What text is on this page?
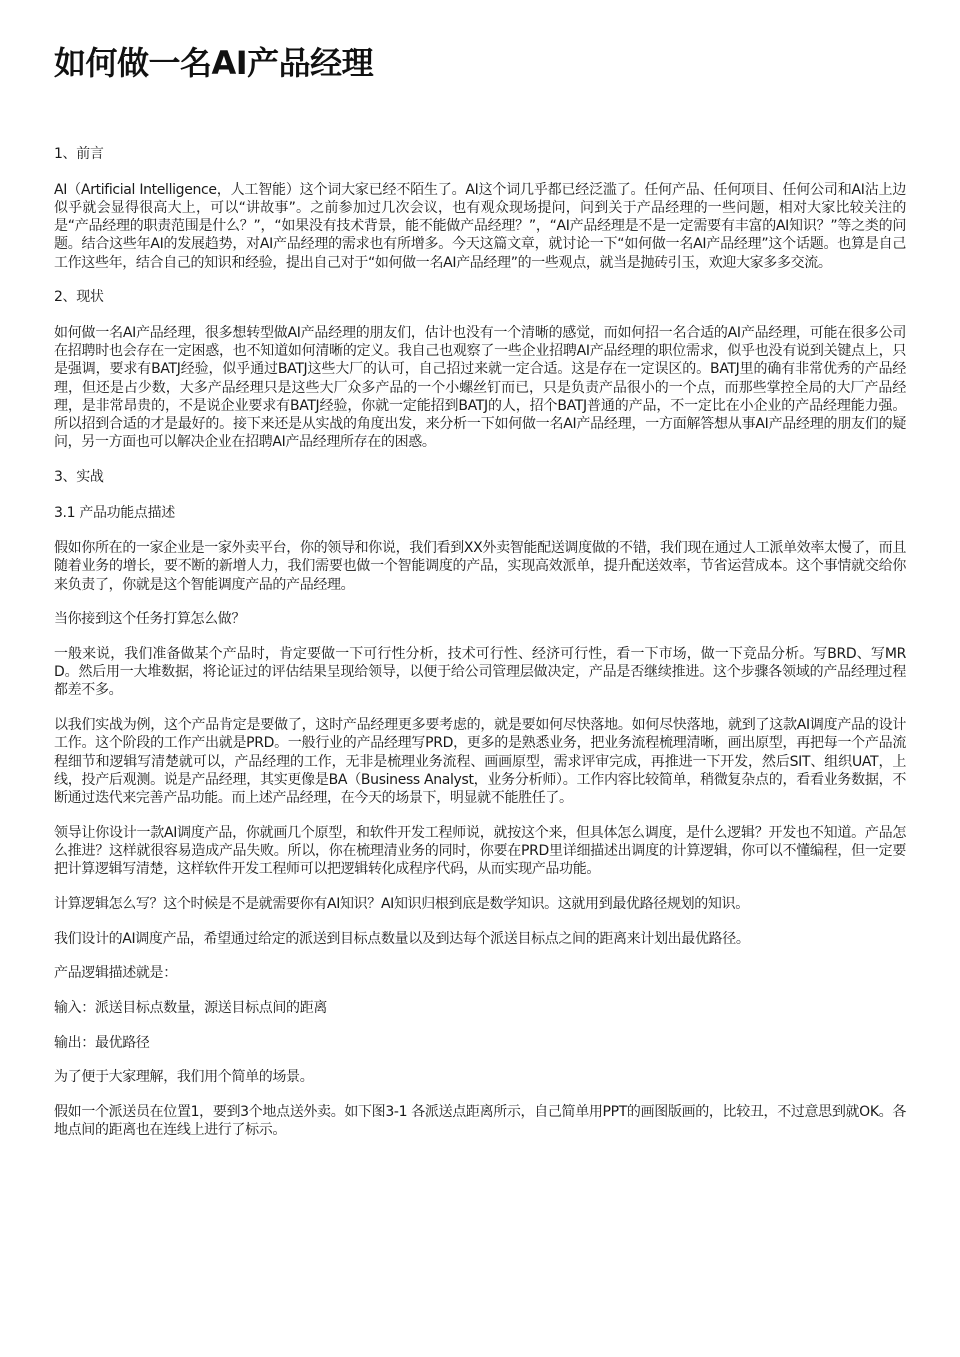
如何做一名AI产品经理

1、前言

AI（Artificial Intelligence，人工智能）这个词大家已经不陌生了。AI这个词几乎都已经泛滥了。任何产品、任何项目、任何公司和AI沾上边似乎就会显得很高大上，可以“讲故事”。之前参加过几次会议，也有观众现场提问，问到关于产品经理的一些问题，相对大家比较关注的是“产品经理的职责范围是什么？”，“如果没有技术背景，能不能做产品经理？”，“AI产品经理是不是一定需要有丰富的AI知识？”等之类的问题。结合这些年AI的发展趋势，对AI产品经理的需求也有所增多。今天这篇文章，就讨论一下“如何做一名AI产品经理”这个话题。也算是自己工作这些年，结合自己的知识和经验，提出自己对于“如何做一名AI产品经理”的一些观点，就当是抛砖引玉，欢迎大家多多交流。

2、现状

如何做一名AI产品经理，很多想转型做AI产品经理的朋友们，估计也没有一个清晰的感觉，而如何招一名合适的AI产品经理，可能在很多公司在招聘时也会存在一定困惑，也不知道如何清晰的定义。我自己也观察了一些企业招聘AI产品经理的职位需求，似乎也没有说到关键点上，只是强调，要求有BATJ经验，似乎通过BATJ这些大厂的认可，自己招过来就一定合适。这是存在一定误区的。BATJ里的确有非常优秀的产品经理，但还是占少数，大多产品经理只是这些大厂众多产品的一个小螺丝钉而已，只是负责产品很小的一个点，而那些掌控全局的大厂产品经理，是非常昂贵的，不是说企业要求有BATJ经验，你就一定能招到BATJ的人，招个BATJ普通的产品，不一定比在小企业的产品经理能力强。所以招到合适的才是最好的。接下来还是从实战的角度出发，来分析一下如何做一名AI产品经理，一方面解答想从事AI产品经理的朋友们的疑问，另一方面也可以解决企业在招聘AI产品经理所存在的困惑。

3、实战

3.1 产品功能点描述

假如你所在的一家企业是一家外卖平台，你的领导和你说，我们看到XX外卖智能配送调度做的不错，我们现在通过人工派单效率太慢了，而且随着业务的增长，要不断的新增人力，我们需要也做一个智能调度的产品，实现高效派单，提升配送效率，节省运营成本。这个事情就交给你来负责了，你就是这个智能调度产品的产品经理。

当你接到这个任务打算怎么做？

一般来说，我们准备做某个产品时，肯定要做一下可行性分析，技术可行性、经济可行性，看一下市场，做一下竞品分析。写BRD、写MRD。然后用一大堆数据，将论证过的评估结果呈现给领导，以便于给公司管理层做决定，产品是否继续推进。这个步骤各领域的产品经理过程都差不多。

以我们实战为例，这个产品肯定是要做了，这时产品经理更多要考虑的，就是要如何尽快落地。如何尽快落地，就到了这款AI调度产品的设计工作。这个阶段的工作产出就是PRD。一般行业的产品经理写PRD，更多的是熟悉业务，把业务流程梳理清晰，画出原型，再把每一个产品流程细节和逻辑写清楚就可以，产品经理的工作，无非是梳理业务流程、画画原型，需求评审完成，再推进一下开发，然后SIT、组织UAT，上线，投产后观测。说是产品经理，其实更像是BA（Business Analyst，业务分析师）。工作内容比较简单，稍微复杂点的，看看业务数据，不断通过迭代来完善产品功能。而上述产品经理，在今天的场景下，明显就不能胜任了。

领导让你设计一款AI调度产品，你就画几个原型，和软件开发工程师说，就按这个来，但具体怎么调度，是什么逻辑？开发也不知道。产品怎么推进？这样就很容易造成产品失败。所以，你在梳理清业务的同时，你要在PRD里详细描述出调度的计算逻辑，你可以不懂编程，但一定要把计算逻辑写清楚，这样软件开发工程师可以把逻辑转化成程序代码，从而实现产品功能。

计算逻辑怎么写？这个时候是不是就需要你有AI知识？AI知识归根到底是数学知识。这就用到最优路径规划的知识。

我们设计的AI调度产品，希望通过给定的派送到目标点数量以及到达每个派送目标点之间的距离来计划出最优路径。

产品逻辑描述就是：

输入：派送目标点数量，源送目标点间的距离

输出：最优路径

为了便于大家理解，我们用个简单的场景。

假如一个派送员在位置1，要到3个地点送外卖。如下图3-1 各派送点距离所示，自己简单用PPT的画图版画的，比较丑，不过意思到就OK。各地点间的距离也在连线上进行了标示。
